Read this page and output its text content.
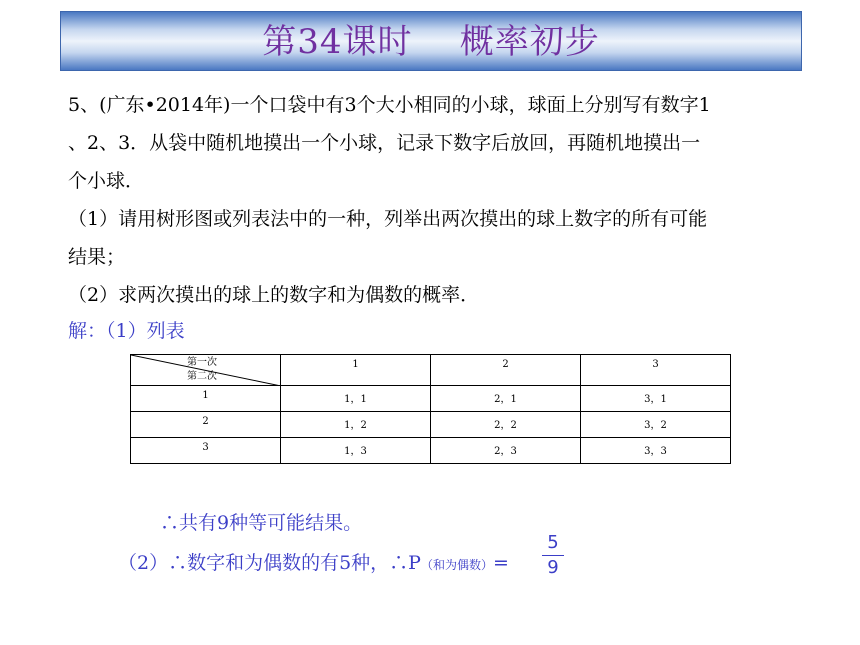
第34课时    概率初步

5、(广东•2014年)一个口袋中有3个大小相同的小球，球面上分别写有数字1

、2、3．从袋中随机地摸出一个小球，记录下数字后放回，再随机地摸出一

个小球．

（1）请用树形图或列表法中的一种，列举出两次摸出的球上数字的所有可能

结果；

（2）求两次摸出的球上的数字和为偶数的概率．

解：（1）列表
第一次
第二次	1	2	3
1	1，1	2，1	3，1
2	1，2	2，2	3，2
3	1，3	2，3	3，3
∴共有9种等可能结果。
（2）∴数字和为偶数的有5种，∴P（和为偶数）=
5
9
